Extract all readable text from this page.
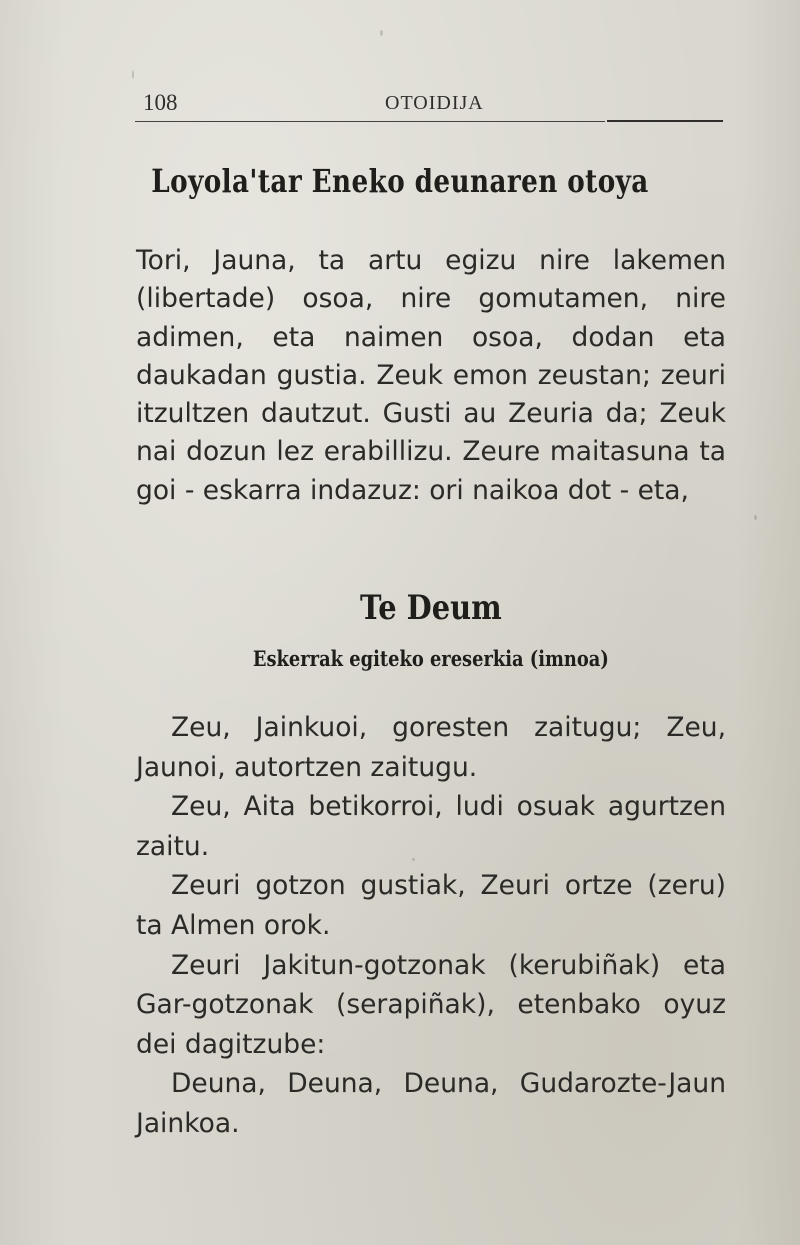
108	OTOIDIJA
Loyola'tar Eneko deunaren otoya

Tori, Jauna, ta artu egizu nire lakemen (libertade) osoa, nire gomutamen, nire adimen, eta naimen osoa, dodan eta daukadan gustia. Zeuk emon zeustan; zeuri itzultzen dautzut. Gusti au Zeuria da; Zeuk nai dozun lez erabillizu. Zeure maitasuna ta goi - eskarra indazuz: ori naikoa dot - eta,

Te Deum
Eskerrak egiteko ereserkia (imnoa)

Zeu, Jainkuoi, goresten zaitugu; Zeu, Jaunoi, autortzen zaitugu.

Zeu, Aita betikorroi, ludi osuak agurtzen zaitu.

Zeuri gotzon gustiak, Zeuri ortze (zeru) ta Almen orok.

Zeuri Jakitun-gotzonak (kerubiñak) eta Gar-gotzonak (serapiñak), etenbako oyuz dei dagitzube:

Deuna, Deuna, Deuna, Gudarozte-Jaun Jainkoa.
